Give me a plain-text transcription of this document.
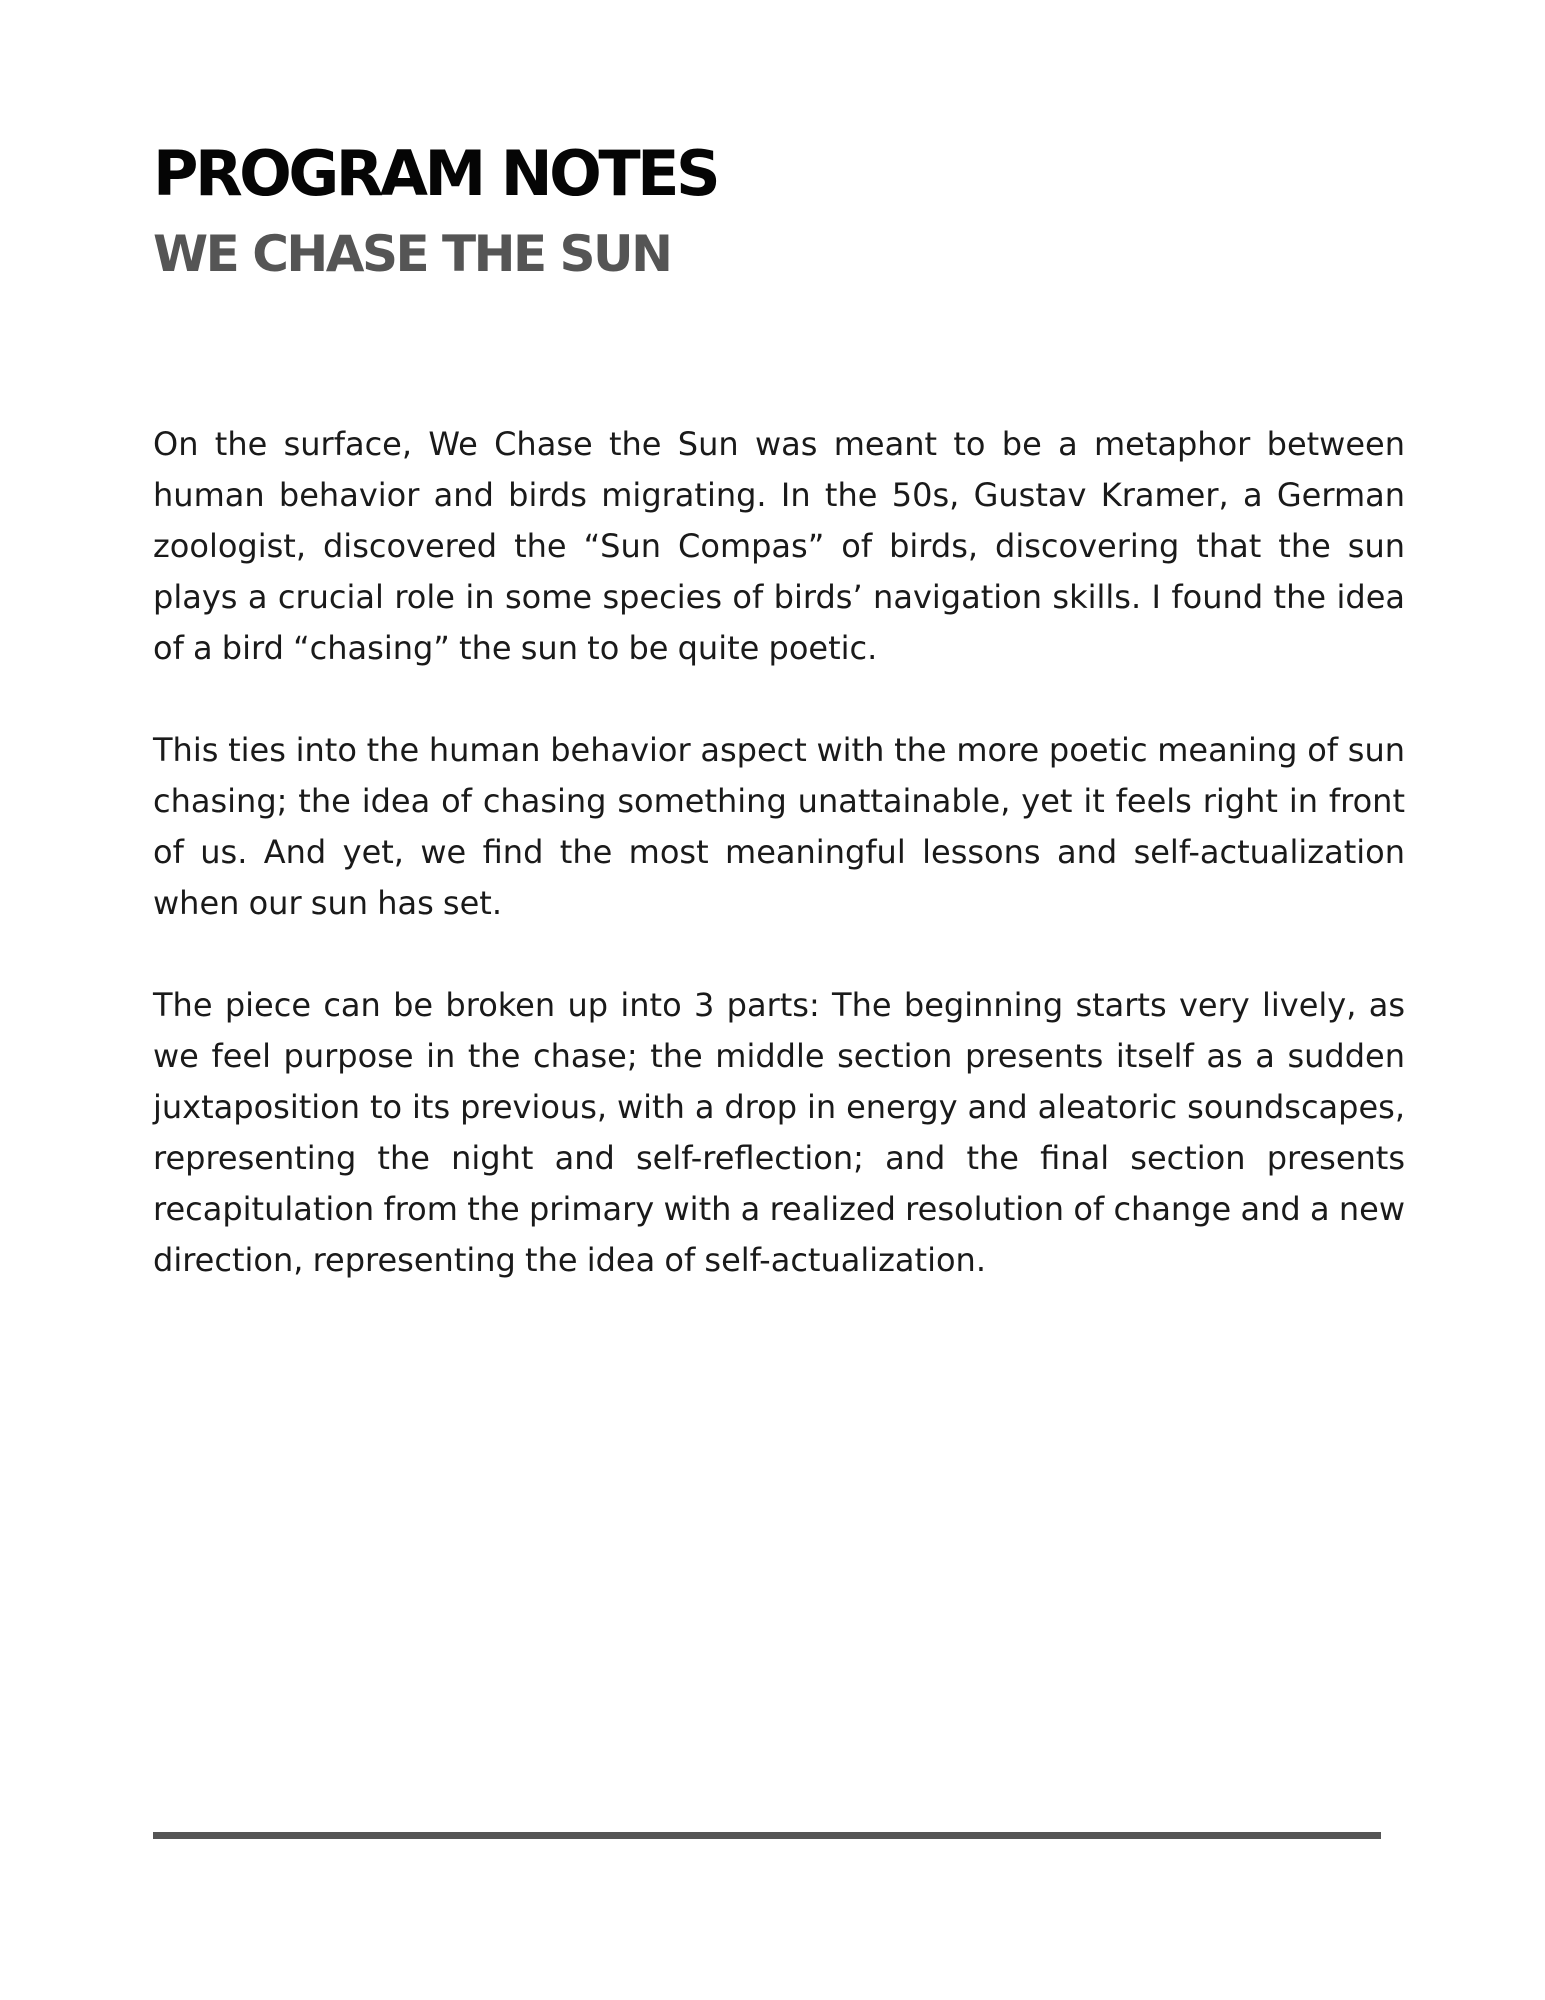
PROGRAM NOTES
WE CHASE THE SUN

On the surface, We Chase the Sun was meant to be a metaphor between human behavior and birds migrating. In the 50s, Gustav Kramer, a German zoologist, discovered the “Sun Compas” of birds, discovering that the sun plays a crucial role in some species of birds’ navigation skills. I found the idea of a bird “chasing” the sun to be quite poetic.

This ties into the human behavior aspect with the more poetic meaning of sun chasing; the idea of chasing something unattainable, yet it feels right in front of us. And yet, we find the most meaningful lessons and self-actualization when our sun has set.

The piece can be broken up into 3 parts: The beginning starts very lively, as we feel purpose in the chase; the middle section presents itself as a sudden juxtaposition to its previous, with a drop in energy and aleatoric soundscapes, representing the night and self-reflection; and the final section presents recapitulation from the primary with a realized resolution of change and a new direction, representing the idea of self-actualization.
